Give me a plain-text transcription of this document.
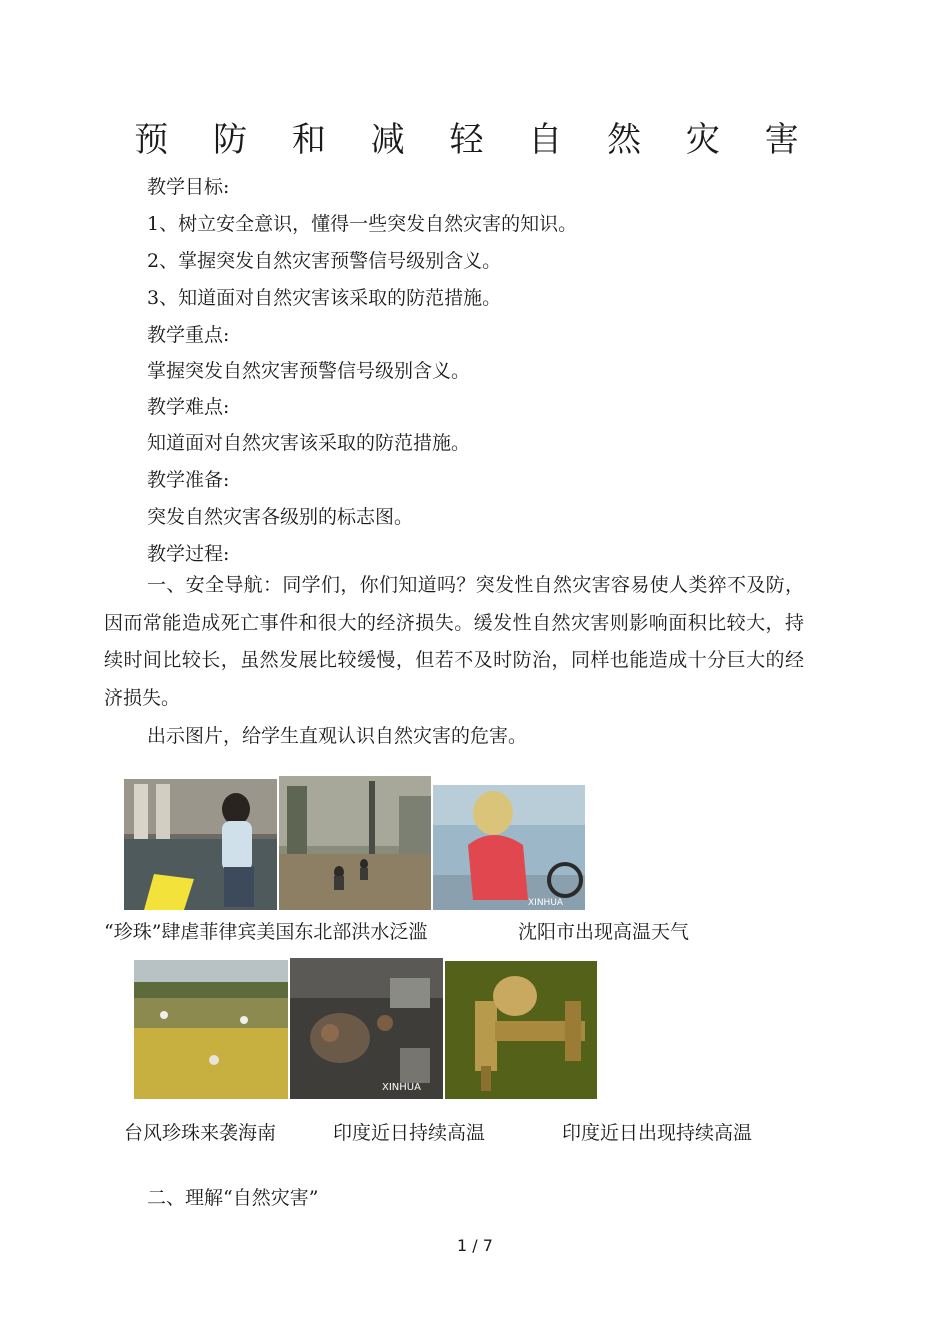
预 防 和 减 轻 自 然 灾 害
教学目标:
1、树立安全意识，懂得一些突发自然灾害的知识。
2、掌握突发自然灾害预警信号级别含义。
3、知道面对自然灾害该采取的防范措施。
教学重点:
掌握突发自然灾害预警信号级别含义。
教学难点:
知道面对自然灾害该采取的防范措施。
教学准备:
突发自然灾害各级别的标志图。
教学过程:
一、安全导航：同学们，你们知道吗？突发性自然灾害容易使人类猝不及防，因而常能造成死亡事件和很大的经济损失。缓发性自然灾害则影响面积比较大，持续时间比较长，虽然发展比较缓慢，但若不及时防治，同样也能造成十分巨大的经济损失。
出示图片，给学生直观认识自然灾害的危害。
XINHUA
“珍珠”肆虐菲律宾美国东北部洪水泛滥	沈阳市出现高温天气
XINHUA
台风珍珠来袭海南	印度近日持续高温	印度近日出现持续高温
二、理解“自然灾害”
1 / 7
